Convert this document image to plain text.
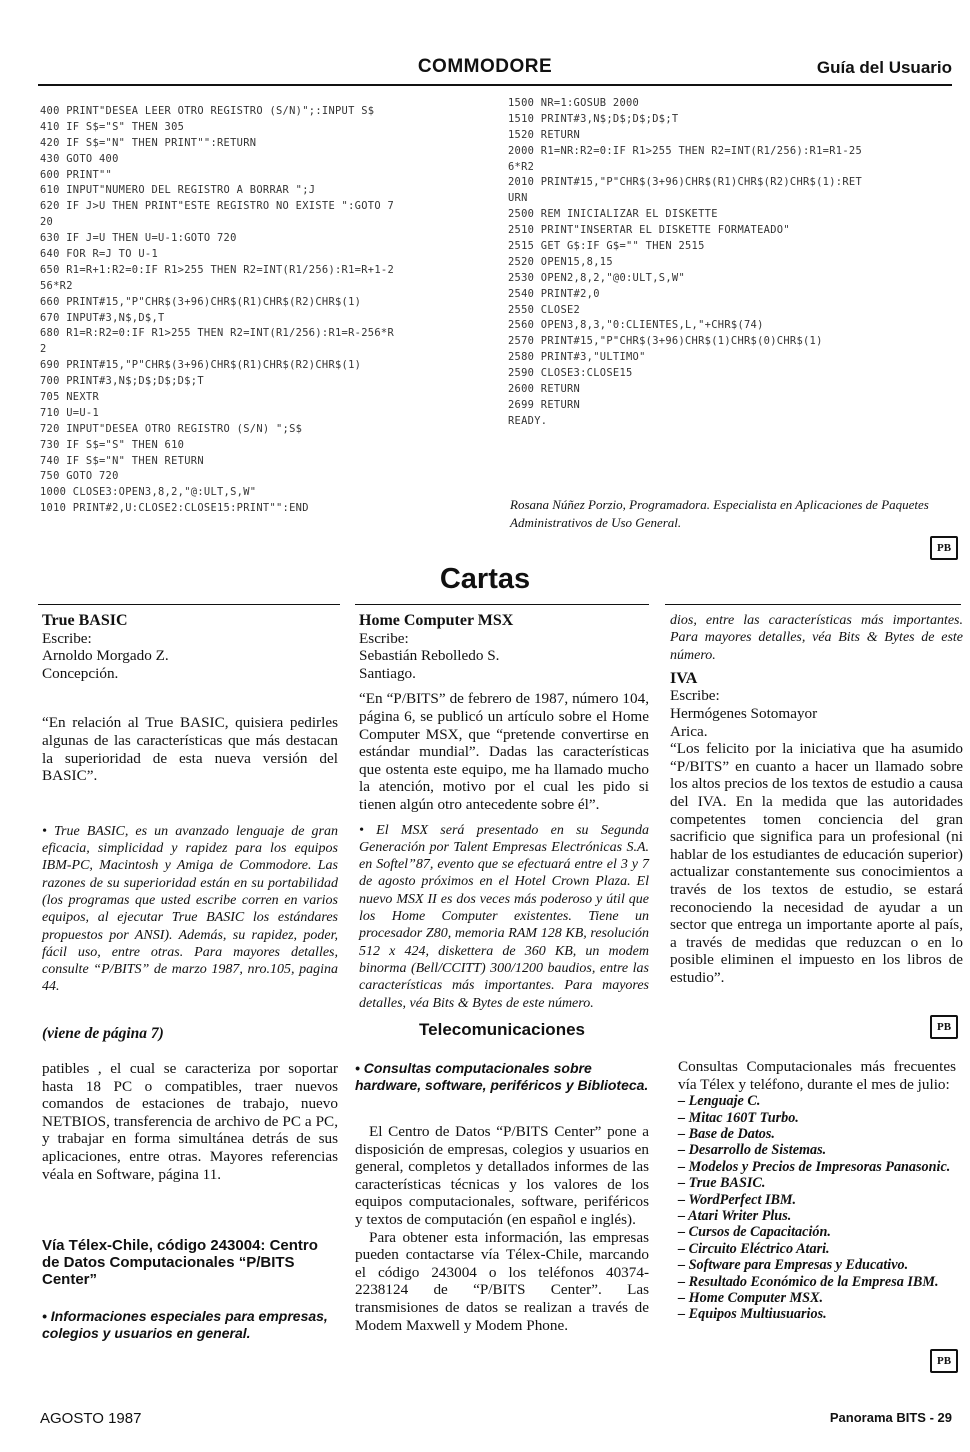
COMMODORE	Guía del Usuario
400 PRINT"DESEA LEER OTRO REGISTRO (S/N)";:INPUT S$
410 IF S$="S" THEN 305
420 IF S$="N" THEN PRINT"":RETURN
430 GOTO 400
600 PRINT""
610 INPUT"NUMERO DEL REGISTRO A BORRAR ";J
620 IF J>U THEN PRINT"ESTE REGISTRO NO EXISTE ":GOTO 7
20
630 IF J=U THEN U=U-1:GOTO 720
640 FOR R=J TO U-1
650 R1=R+1:R2=0:IF R1>255 THEN R2=INT(R1/256):R1=R+1-2
56*R2
660 PRINT#15,"P"CHR$(3+96)CHR$(R1)CHR$(R2)CHR$(1)
670 INPUT#3,N$,D$,T
680 R1=R:R2=0:IF R1>255 THEN R2=INT(R1/256):R1=R-256*R
2
690 PRINT#15,"P"CHR$(3+96)CHR$(R1)CHR$(R2)CHR$(1)
700 PRINT#3,N$;D$;D$;D$;T
705 NEXTR
710 U=U-1
720 INPUT"DESEA OTRO REGISTRO (S/N) ";S$
730 IF S$="S" THEN 610
740 IF S$="N" THEN RETURN
750 GOTO 720
1000 CLOSE3:OPEN3,8,2,"@:ULT,S,W"
1010 PRINT#2,U:CLOSE2:CLOSE15:PRINT"":END
1500 NR=1:GOSUB 2000
1510 PRINT#3,N$;D$;D$;D$;T
1520 RETURN
2000 R1=NR:R2=0:IF R1>255 THEN R2=INT(R1/256):R1=R1-25
6*R2
2010 PRINT#15,"P"CHR$(3+96)CHR$(R1)CHR$(R2)CHR$(1):RET
URN
2500 REM INICIALIZAR EL DISKETTE
2510 PRINT"INSERTAR EL DISKETTE FORMATEADO"
2515 GET G$:IF G$="" THEN 2515
2520 OPEN15,8,15
2530 OPEN2,8,2,"@0:ULT,S,W"
2540 PRINT#2,0
2550 CLOSE2
2560 OPEN3,8,3,"0:CLIENTES,L,"+CHR$(74)
2570 PRINT#15,"P"CHR$(3+96)CHR$(1)CHR$(0)CHR$(1)
2580 PRINT#3,"ULTIMO"
2590 CLOSE3:CLOSE15
2600 RETURN
2699 RETURN
READY.
Rosana Núñez Porzio, Programadora. Especialista en Aplicaciones de Paquetes Administrativos de Uso General.
PB
Cartas

True BASIC

Escribe:

Arnoldo Morgado Z.

Concepción.

“En relación al True BASIC, quisiera pedirles algunas de las características que más destacan la superioridad de esta nueva versión del BASIC”.

• True BASIC, es un avanzado lenguaje de gran eficacia, simplicidad y rapidez para los equipos IBM-PC, Macintosh y Amiga de Commodore. Las razones de su superioridad están en su portabilidad (los programas que usted escribe corren en varios equipos, al ejecutar True BASIC los estándares propuestos por ANSI). Además, su rapidez, poder, fácil uso, entre otras. Para mayores detalles, consulte “P/BITS” de marzo 1987, nro.105, pagina 44.

Home Computer MSX

Escribe:

Sebastián Rebolledo S.

Santiago.

“En “P/BITS” de febrero de 1987, número 104, página 6, se publicó un artículo sobre el Home Computer MSX, que “pretende convertirse en estándar mundial”. Dadas las características que ostenta este equipo, me ha llamado mucho la atención, motivo por el cual les pido si tienen algún otro antecedente sobre él”.

• El MSX será presentado en su Segunda Generación por Talent Empresas Electrónicas S.A. en Softel”87, evento que se efectuará entre el 3 y 7 de agosto próximos en el Hotel Crown Plaza. El nuevo MSX II es dos veces más poderoso y útil que los Home Computer existentes. Tiene un procesador Z80, memoria RAM 128 KB, resolución 512 x 424, diskettera de 360 KB, un modem binorma (Bell/CCITT) 300/1200 baudios, entre las características más importantes. Para mayores detalles, véa Bits & Bytes de este número.

dios, entre las características más importantes. Para mayores detalles, véa Bits & Bytes de este número.

IVA

Escribe:

Hermógenes Sotomayor

Arica.

“Los felicito por la iniciativa que ha asumido “P/BITS” en cuanto a hacer un llamado sobre los altos precios de los textos de estudio a causa del IVA. En la medida que las autoridades competentes tomen conciencia del gran sacrificio que significa para un profesional (ni hablar de los estudiantes de educación superior) actualizar constantemente sus conocimientos a través de los textos de estudio, se estará reconociendo la necesidad de ayudar a un sector que entrega un importante aporte al país, a través de medidas que reduzcan o en lo posible eliminen el impuesto en los libros de estudio”.

PB
(viene de página 7)	Telecomunicaciones

patibles , el cual se caracteriza por soportar hasta 18 PC o compatibles, traer nuevos comandos de estaciones de trabajo, nuevo NETBIOS, transferencia de archivo de PC a PC, y trabajar en forma simultánea detrás de sus aplicaciones, entre otras. Mayores referencias véala en Software, página 11.

Vía Télex-Chile, código 243004: Centro de Datos Computacionales “P/BITS Center”

• Informaciones especiales para empresas, colegios y usuarios en general.

• Consultas computacionales sobre hardware, software, periféricos y Biblioteca.

El Centro de Datos “P/BITS Center” pone a disposición de empresas, colegios y usuarios en general, completos y detallados informes de las características técnicas y los valores de los equipos computacionales, software, periféricos y textos de computación (en español e inglés).

Para obtener esta información, las empresas pueden contactarse vía Télex-Chile, marcando el código 243004 o los teléfonos 40374-2238124 de “P/BITS Center”. Las transmisiones de datos se realizan a través de Modem Maxwell y Modem Phone.

Consultas Computacionales más frecuentes vía Télex y teléfono, durante el mes de julio:

– Lenguaje C.
– Mitac 160T Turbo.
– Base de Datos.
– Desarrollo de Sistemas.
– Modelos y Precios de Impresoras Panasonic.
– True BASIC.
– WordPerfect IBM.
– Atari Writer Plus.
– Cursos de Capacitación.
– Circuito Eléctrico Atari.
– Software para Empresas y Educativo.
– Resultado Económico de la Empresa IBM.
– Home Computer MSX.
– Equipos Multiusuarios.
PB
AGOSTO 1987	Panorama BITS - 29
